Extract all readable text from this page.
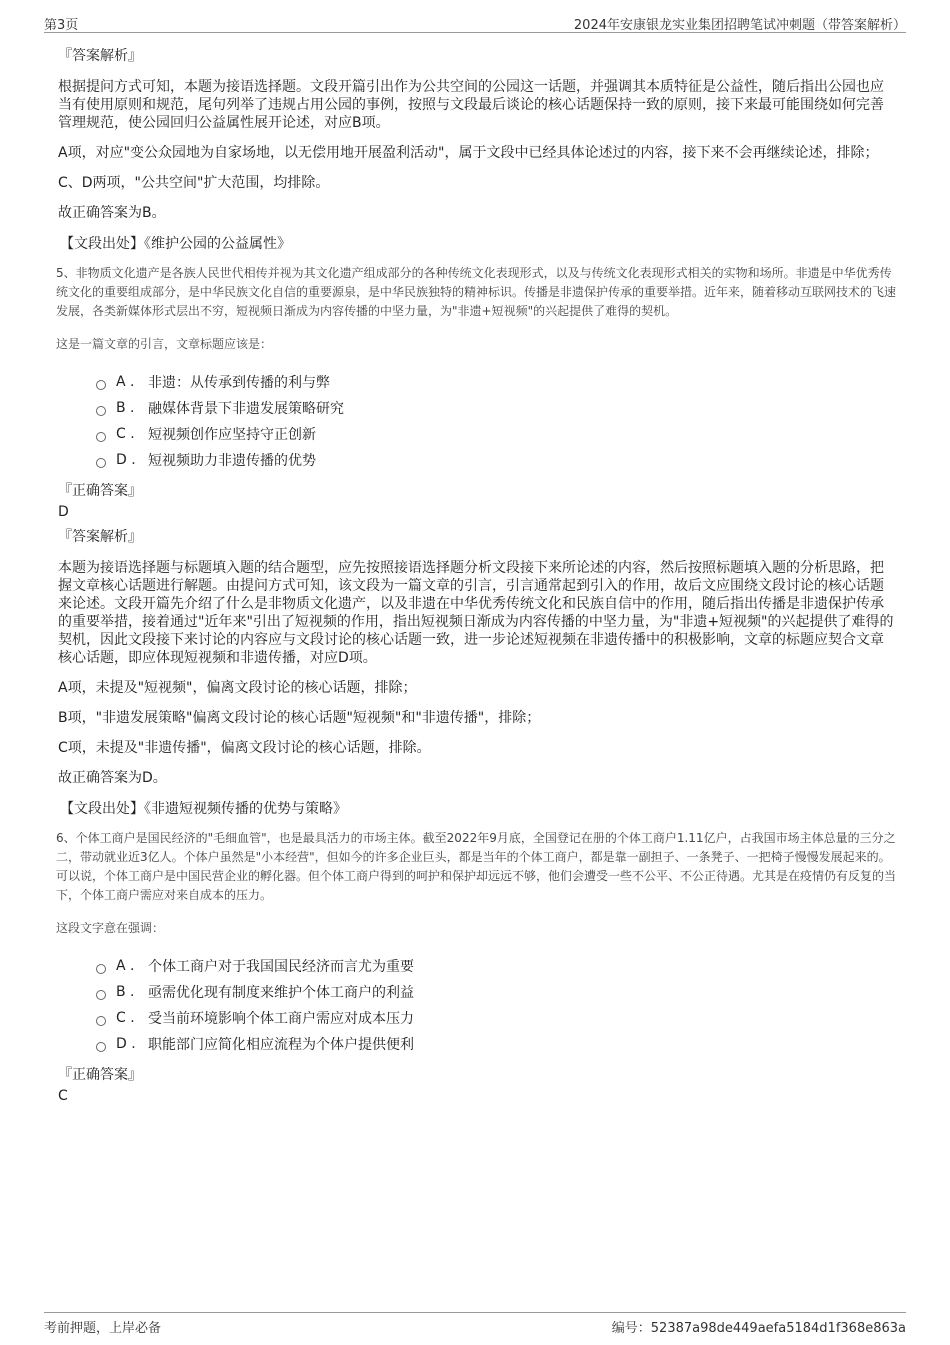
第3页	2024年安康银龙实业集团招聘笔试冲刺题（带答案解析）
『答案解析』

根据提问方式可知，本题为接语选择题。文段开篇引出作为公共空间的公园这一话题，并强调其本质特征是公益性，随后指出公园也应当有使用原则和规范，尾句列举了违规占用公园的事例，按照与文段最后谈论的核心话题保持一致的原则，接下来最可能围绕如何完善管理规范，使公园回归公益属性展开论述，对应B项。

A项，对应"变公众园地为自家场地，以无偿用地开展盈利活动"，属于文段中已经具体论述过的内容，接下来不会再继续论述，排除；

C、D两项，"公共空间"扩大范围，均排除。

故正确答案为B。

【文段出处】《维护公园的公益属性》
5、非物质文化遗产是各族人民世代相传并视为其文化遗产组成部分的各种传统文化表现形式，以及与传统文化表现形式相关的实物和场所。非遗是中华优秀传统文化的重要组成部分，是中华民族文化自信的重要源泉，是中华民族独特的精神标识。传播是非遗保护传承的重要举措。近年来，随着移动互联网技术的飞速发展，各类新媒体形式层出不穷，短视频日渐成为内容传播的中坚力量，为"非遗+短视频"的兴起提供了难得的契机。
这是一篇文章的引言，文章标题应该是：
A . 非遗：从传承到传播的利与弊
B . 融媒体背景下非遗发展策略研究
C . 短视频创作应坚持守正创新
D . 短视频助力非遗传播的优势
『正确答案』
D
『答案解析』

本题为接语选择题与标题填入题的结合题型，应先按照接语选择题分析文段接下来所论述的内容，然后按照标题填入题的分析思路，把握文章核心话题进行解题。由提问方式可知，该文段为一篇文章的引言，引言通常起到引入的作用，故后文应围绕文段讨论的核心话题来论述。文段开篇先介绍了什么是非物质文化遗产，以及非遗在中华优秀传统文化和民族自信中的作用，随后指出传播是非遗保护传承的重要举措，接着通过"近年来"引出了短视频的作用，指出短视频日渐成为内容传播的中坚力量，为"非遗+短视频"的兴起提供了难得的契机，因此文段接下来讨论的内容应与文段讨论的核心话题一致，进一步论述短视频在非遗传播中的积极影响，文章的标题应契合文章核心话题，即应体现短视频和非遗传播，对应D项。

A项，未提及"短视频"，偏离文段讨论的核心话题，排除；

B项，"非遗发展策略"偏离文段讨论的核心话题"短视频"和"非遗传播"，排除；

C项，未提及"非遗传播"，偏离文段讨论的核心话题，排除。

故正确答案为D。

【文段出处】《非遗短视频传播的优势与策略》
6、个体工商户是国民经济的"毛细血管"，也是最具活力的市场主体。截至2022年9月底，全国登记在册的个体工商户1.11亿户，占我国市场主体总量的三分之二，带动就业近3亿人。个体户虽然是"小本经营"，但如今的许多企业巨头，都是当年的个体工商户，都是靠一副担子、一条凳子、一把椅子慢慢发展起来的。可以说，个体工商户是中国民营企业的孵化器。但个体工商户得到的呵护和保护却远远不够，他们会遭受一些不公平、不公正待遇。尤其是在疫情仍有反复的当下，个体工商户需应对来自成本的压力。
这段文字意在强调：
A . 个体工商户对于我国国民经济而言尤为重要
B . 亟需优化现有制度来维护个体工商户的利益
C . 受当前环境影响个体工商户需应对成本压力
D . 职能部门应简化相应流程为个体户提供便利
『正确答案』
C
考前押题，上岸必备	编号：52387a98de449aefa5184d1f368e863a
